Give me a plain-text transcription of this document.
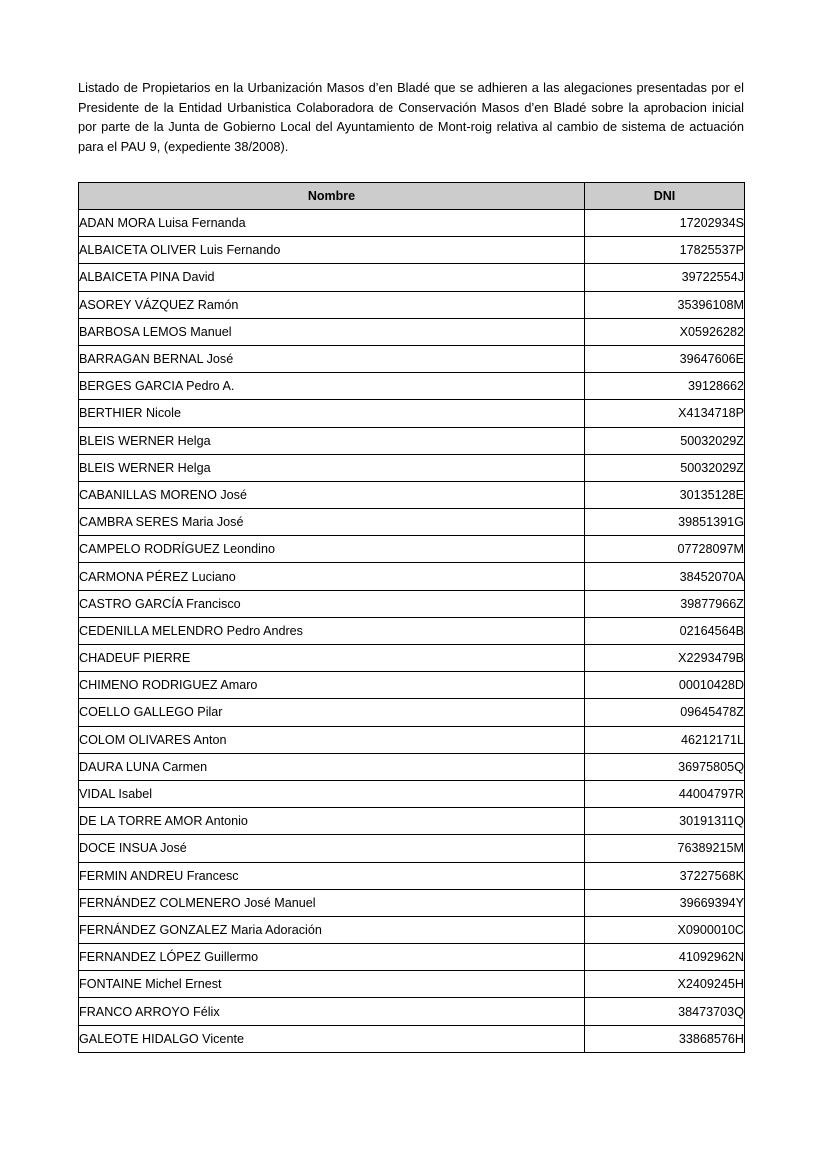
Listado de Propietarios en la Urbanización Masos d’en Bladé que se adhieren a las alegaciones presentadas por el Presidente de la Entidad Urbanistica Colaboradora de Conservación Masos d’en Bladé sobre la aprobacion inicial por parte de la Junta de Gobierno Local del Ayuntamiento de Mont-roig relativa al cambio de sistema de actuación para el PAU 9, (expediente 38/2008).

Nombre	DNI
ADAN MORA Luisa Fernanda	17202934S
ALBAICETA OLIVER Luis Fernando	17825537P
ALBAICETA PINA David	39722554J
ASOREY VÁZQUEZ Ramón	35396108M
BARBOSA LEMOS Manuel	X05926282
BARRAGAN BERNAL José	39647606E
BERGES GARCIA Pedro A.	39128662
BERTHIER Nicole	X4134718P
BLEIS WERNER Helga	50032029Z
BLEIS WERNER Helga	50032029Z
CABANILLAS MORENO José	30135128E
CAMBRA SERES Maria José	39851391G
CAMPELO RODRÍGUEZ Leondino	07728097M
CARMONA PÉREZ Luciano	38452070A
CASTRO GARCÍA Francisco	39877966Z
CEDENILLA MELENDRO Pedro Andres	02164564B
CHADEUF PIERRE	X2293479B
CHIMENO RODRIGUEZ Amaro	00010428D
COELLO GALLEGO Pilar	09645478Z
COLOM OLIVARES Anton	46212171L
DAURA LUNA Carmen	36975805Q
VIDAL Isabel	44004797R
DE LA TORRE AMOR Antonio	30191311Q
DOCE INSUA José	76389215M
FERMIN ANDREU Francesc	37227568K
FERNÁNDEZ COLMENERO José Manuel	39669394Y
FERNÁNDEZ GONZALEZ Maria Adoración	X0900010C
FERNANDEZ LÓPEZ Guillermo	41092962N
FONTAINE Michel Ernest	X2409245H
FRANCO ARROYO Félix	38473703Q
GALEOTE HIDALGO Vicente	33868576H
